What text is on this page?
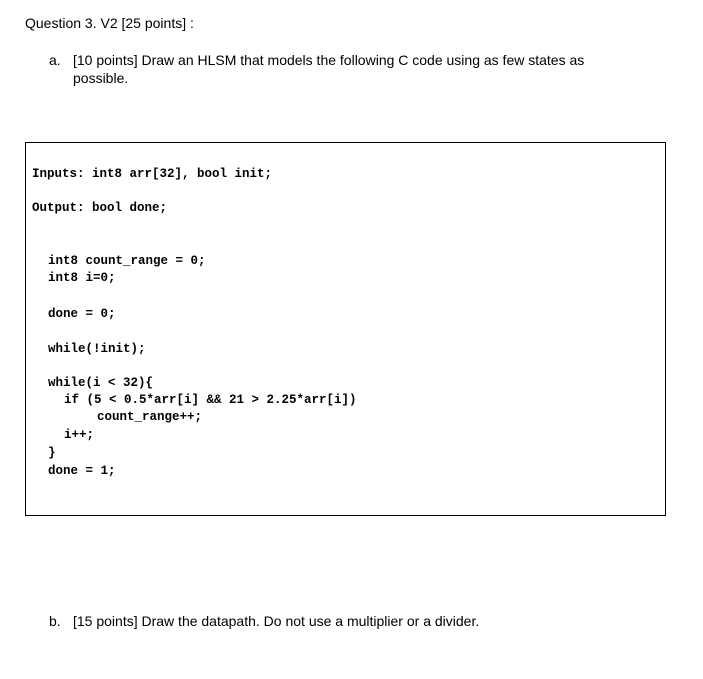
Question 3. V2 [25 points] :
a. [10 points] Draw an HLSM that models the following C code using as few states as possible.
Inputs: int8 arr[32], bool init;
Output: bool done;
int8 count_range = 0;
int8 i=0;
done = 0;
while(!init);
while(i < 32){
if (5 < 0.5*arr[i] && 21 > 2.25*arr[i])
count_range++;
i++;
}
done = 1;
b. [15 points] Draw the datapath. Do not use a multiplier or a divider.
